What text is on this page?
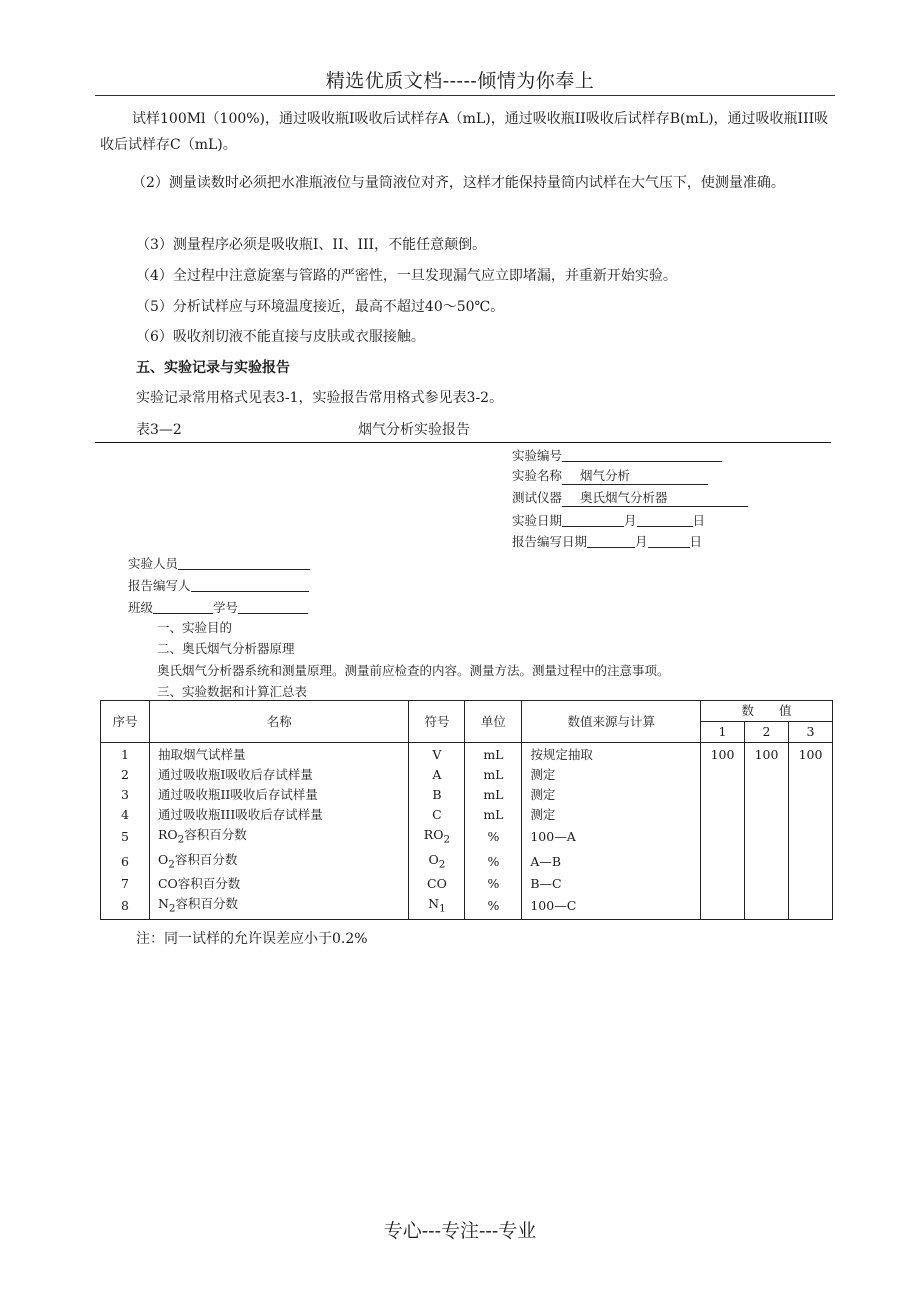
精选优质文档-----倾情为你奉上
试样100Ml（100%)，通过吸收瓶I吸收后试样存A（mL)，通过吸收瓶II吸收后试样存B(mL)，通过吸收瓶III吸收后试样存C（mL)。
（2）测量读数时必须把水准瓶液位与量筒液位对齐，这样才能保持量筒内试样在大气压下，使测量准确。
（3）测量程序必须是吸收瓶I、II、III，不能任意颠倒。
（4）全过程中注意旋塞与管路的严密性，一旦发现漏气应立即堵漏，并重新开始实验。
（5）分析试样应与环境温度接近，最高不超过40～50℃。
（6）吸收剂切液不能直接与皮肤或衣服接触。
五、实验记录与实验报告
实验记录常用格式见表3-1，实验报告常用格式参见表3-2。
表3—2	烟气分析实验报告
实验编号
实验名称 烟气分析
测试仪器 奥氏烟气分析器
实验日期	月	日
报告编写日期	月	日
实验人员
报告编写人
班级	学号
一、实验目的
二、奥氏烟气分析器原理
奥氏烟气分析器系统和测量原理。测量前应检查的内容。测量方法。测量过程中的注意事项。
三、实验数据和计算汇总表
序号	名称	符号	单位	数值来源与计算	数　　值		
					1	2	3
1	抽取烟气试样量	V	mL	按规定抽取	100	100	100
2	通过吸收瓶I吸收后存试样量	A	mL	测定			
3	通过吸收瓶II吸收后存试样量	B	mL	测定			
4	通过吸收瓶III吸收后存试样量	C	mL	测定			
5	$RO_2$容积百分数	$RO_2$	%	100—A			
6	$O_2$容积百分数	$O_2$	%	A—B			
7	CO容积百分数	CO	%	B—C			
8	$N_2$容积百分数	$N_1$	%	100—C			
注：同一试样的允许误差应小于0.2%
专心---专注---专业
